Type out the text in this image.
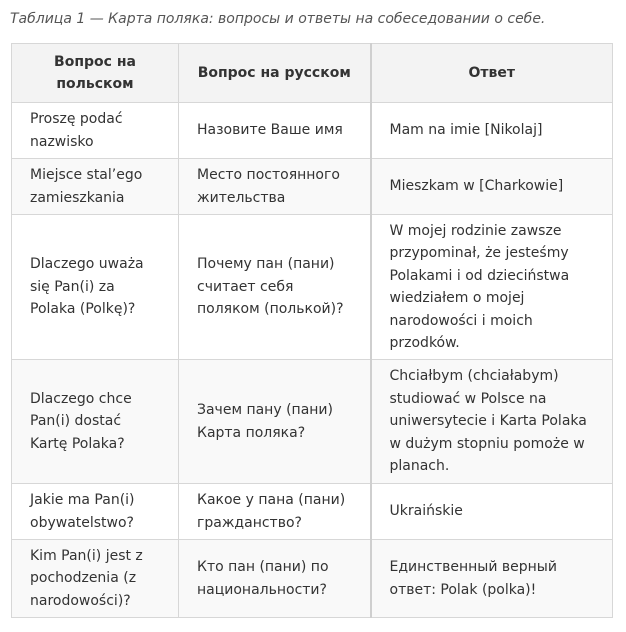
Таблица 1 — Карта поляка: вопросы и ответы на собеседовании о себе.
Вопрос на польском	Вопрос на русском	Ответ
Proszę podać nazwisko	Назовите Ваше имя	Mam na imie [Nikolaj]
Miejsce stal’ego zamieszkania	Место постоянного жительства	Mieszkam w [Charkowie]
Dlaczego uważa się Pan(i) za Polaka (Polkę)?	Почему пан (пани) считает себя поляком (полькой)?	W mojej rodzinie zawsze przypominał, że jesteśmy Polakami i od dzieciństwa wiedziałem o mojej narodowości i moich przodków.
Dlaczego chce Pan(i) dostać Kartę Polaka?	Зачем пану (пани) Карта поляка?	Chciałbym (chciałabym) studiować w Polsce na uniwersytecie i Karta Polaka w dużym stopniu pomoże w planach.
Jakie ma Pan(i) obywatelstwo?	Какое у пана (пани) гражданство?	Ukraińskie
Kim Pan(i) jest z pochodzenia (z narodowości)?	Кто пан (пани) по национальности?	Единственный верный ответ: Polak (polka)!
